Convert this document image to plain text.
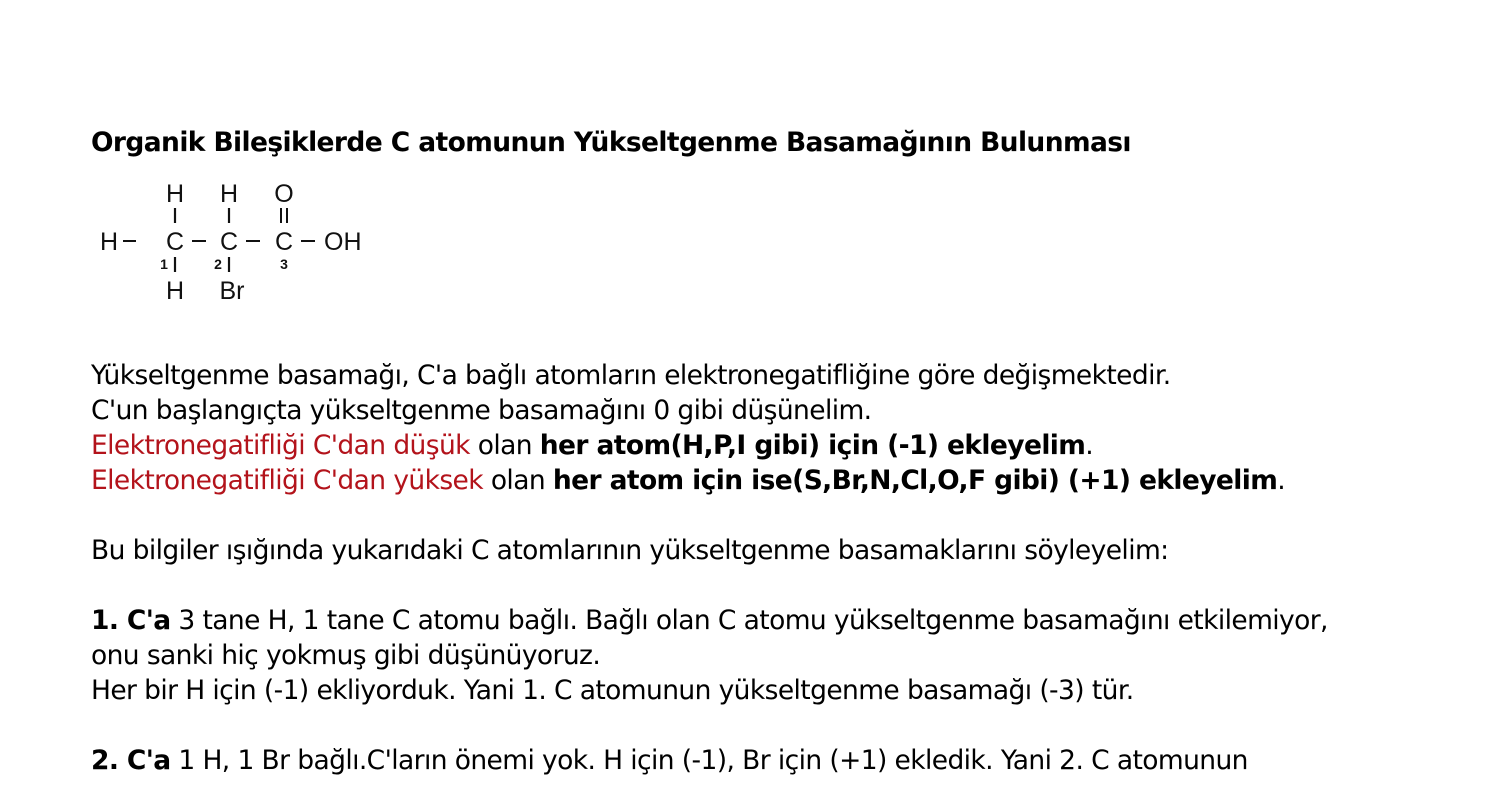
Organik Bileşiklerde C atomunun Yükseltgenme Basamağının Bulunması
H H O
H C C C OH
1	2	3
H Br
Yükseltgenme basamağı, C'a bağlı atomların elektronegatifliğine göre değişmektedir.
C'un başlangıçta yükseltgenme basamağını 0 gibi düşünelim.
Elektronegatifliği C'dan düşük olan her atom(H,P,I gibi) için (-1) ekleyelim.
Elektronegatifliği C'dan yüksek olan her atom için ise(S,Br,N,Cl,O,F gibi) (+1) ekleyelim.
Bu bilgiler ışığında yukarıdaki C atomlarının yükseltgenme basamaklarını söyleyelim:
1. C'a 3 tane H, 1 tane C atomu bağlı. Bağlı olan C atomu yükseltgenme basamağını etkilemiyor,
onu sanki hiç yokmuş gibi düşünüyoruz.
Her bir H için (-1) ekliyorduk. Yani 1. C atomunun yükseltgenme basamağı (-3) tür.
2. C'a 1 H, 1 Br bağlı.C'ların önemi yok. H için (-1), Br için (+1) ekledik. Yani 2. C atomunun
